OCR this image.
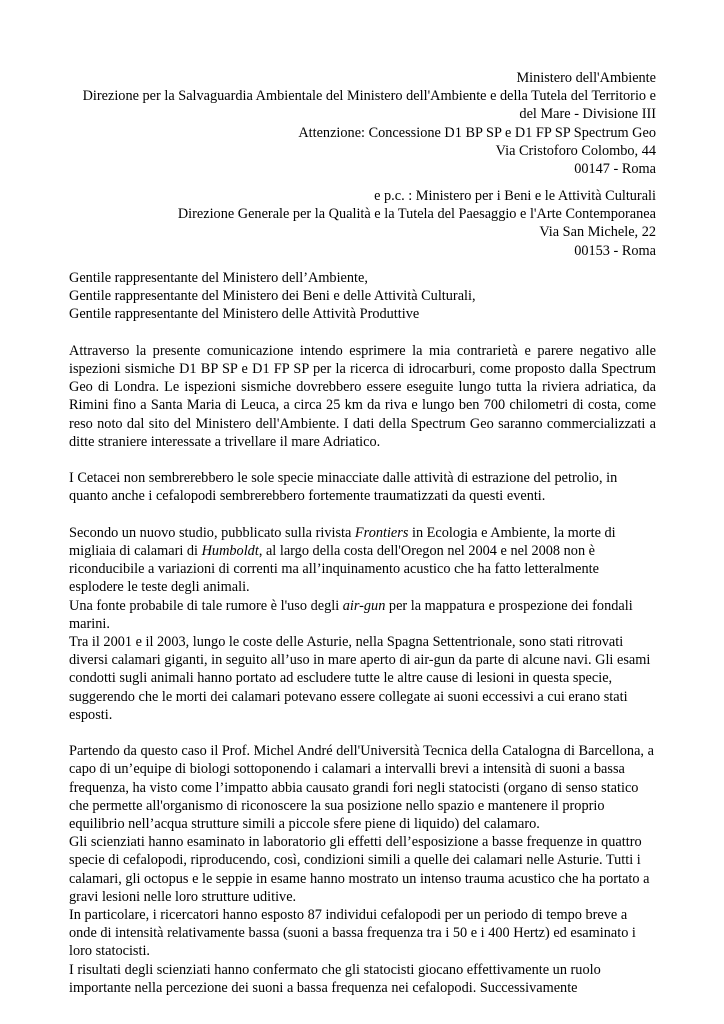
Ministero dell'Ambiente
Direzione per la Salvaguardia Ambientale del Ministero dell'Ambiente e della Tutela del Territorio e
del Mare - Divisione III
Attenzione: Concessione D1 BP SP e D1 FP SP Spectrum Geo
Via Cristoforo Colombo, 44
00147 - Roma
e p.c. : Ministero per i Beni e le Attività Culturali
Direzione Generale per la Qualità e la Tutela del Paesaggio e l'Arte Contemporanea
Via San Michele, 22
00153 - Roma
Gentile rappresentante del Ministero dell’Ambiente,
Gentile rappresentante del Ministero dei Beni e delle Attività Culturali,
Gentile rappresentante del Ministero delle Attività Produttive

Attraverso la presente comunicazione intendo esprimere la mia contrarietà e parere negativo alle ispezioni sismiche D1 BP SP e D1 FP SP per la ricerca di idrocarburi, come proposto dalla Spectrum Geo di Londra. Le ispezioni sismiche dovrebbero essere eseguite lungo tutta la riviera adriatica, da Rimini fino a Santa Maria di Leuca, a circa 25 km da riva e lungo ben 700 chilometri di costa, come reso noto dal sito del Ministero dell'Ambiente. I dati della Spectrum Geo saranno commercializzati a ditte straniere interessate a trivellare il mare Adriatico.

I Cetacei non sembrerebbero le sole specie minacciate dalle attività di estrazione del petrolio, in quanto anche i cefalopodi sembrerebbero fortemente traumatizzati da questi eventi.

Secondo un nuovo studio, pubblicato sulla rivista Frontiers in Ecologia e Ambiente, la morte di migliaia di calamari di Humboldt, al largo della costa dell'Oregon nel 2004 e nel 2008 non è riconducibile a variazioni di correnti ma all’inquinamento acustico che ha fatto letteralmente esplodere le teste degli animali.

Una fonte probabile di tale rumore è l'uso degli air-gun per la mappatura e prospezione dei fondali marini.

Tra il 2001 e il 2003, lungo le coste delle Asturie, nella Spagna Settentrionale, sono stati ritrovati diversi calamari giganti, in seguito all’uso in mare aperto di air-gun da parte di alcune navi. Gli esami condotti sugli animali hanno portato ad escludere tutte le altre cause di lesioni in questa specie, suggerendo che le morti dei calamari potevano essere collegate ai suoni eccessivi a cui erano stati esposti.

Partendo da questo caso il Prof. Michel André dell'Università Tecnica della Catalogna di Barcellona, a capo di un’equipe di biologi sottoponendo i calamari a intervalli brevi a intensità di suoni a bassa frequenza, ha visto come l’impatto abbia causato grandi fori negli statocisti (organo di senso statico che permette all'organismo di riconoscere la sua posizione nello spazio e mantenere il proprio equilibrio nell’acqua strutture simili a piccole sfere piene di liquido) del calamaro.

Gli scienziati hanno esaminato in laboratorio gli effetti dell’esposizione a basse frequenze in quattro specie di cefalopodi, riproducendo, così, condizioni simili a quelle dei calamari nelle Asturie. Tutti i calamari, gli octopus e le seppie in esame hanno mostrato un intenso trauma acustico che ha portato a gravi lesioni nelle loro strutture uditive.

In particolare, i ricercatori hanno esposto 87 individui cefalopodi per un periodo di tempo breve a onde di intensità relativamente bassa (suoni a bassa frequenza tra i 50 e i 400 Hertz) ed esaminato i loro statocisti.

I risultati degli scienziati hanno confermato che gli statocisti giocano effettivamente un ruolo importante nella percezione dei suoni a bassa frequenza nei cefalopodi. Successivamente
